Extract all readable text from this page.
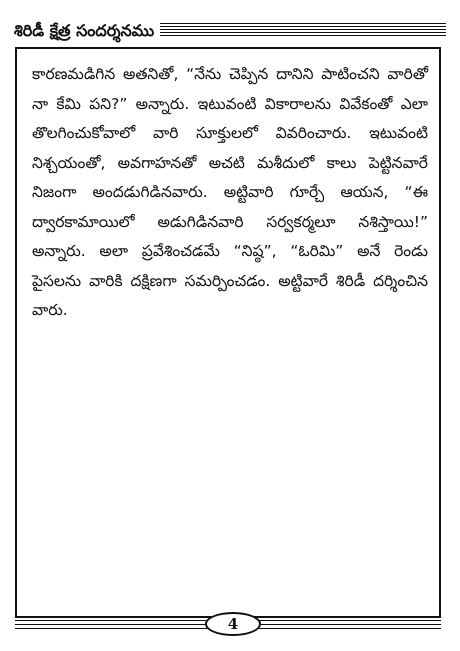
శిరిడీ క్షేత్ర సందర్శనము

కారణమడిగిన అతనితో, “నేను చెప్పిన దానిని పాటించని వారితో నా కేమి పని?” అన్నారు. ఇటువంటి వికారాలను వివేకంతో ఎలా తొలగించుకోవాలో వారి సూక్తులలో వివరించారు. ఇటువంటి నిశ్చయంతో, అవగాహనతో అచటి మశీదులో కాలు పెట్టినవారే నిజంగా అందడుగిడినవారు. అట్టివారి గూర్చే ఆయన, “ఈ ద్వారకామాయిలో అడుగిడినవారి సర్వకర్మలూ నశిస్తాయి!” అన్నారు. అలా ప్రవేశించడమే “నిష్ఠ”, “ఓరిమి” అనే రెండు పైసలను వారికి దక్షిణగా సమర్పించడం. అట్టివారే శిరిడీ దర్శించిన వారు.

4
